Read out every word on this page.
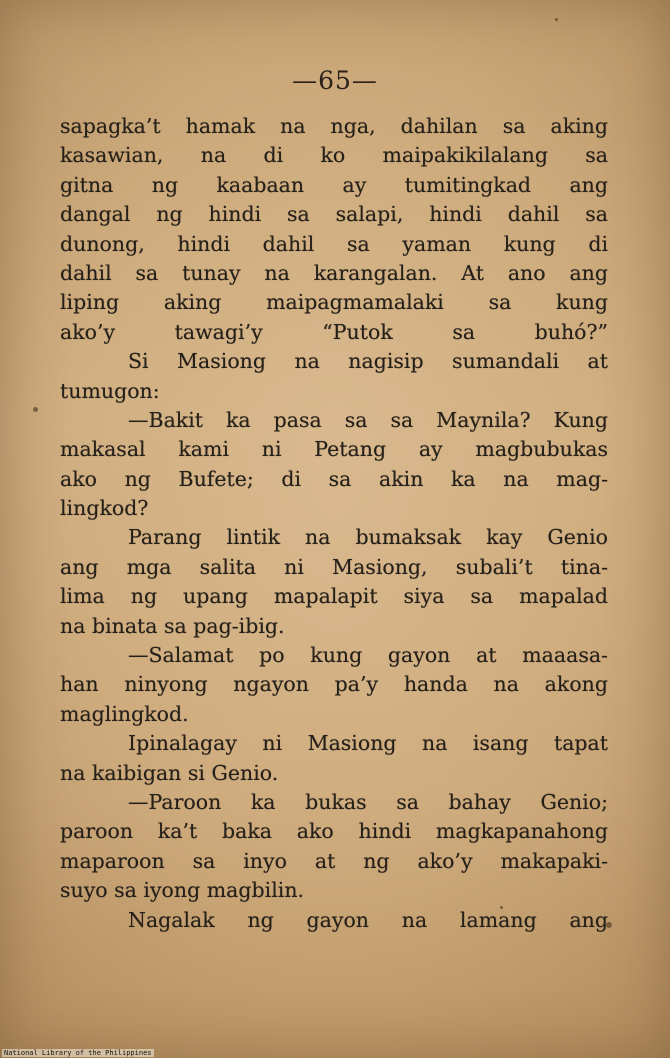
—65—
sapagka’t hamak na nga, dahilan sa aking
kasawian, na di ko maipakikilalang sa
gitna ng kaabaan ay tumitingkad ang
dangal ng hindi sa salapi, hindi dahil sa
dunong, hindi dahil sa yaman kung di
dahil sa tunay na karangalan. At ano ang
liping aking maipagmamalaki sa kung
ako’y tawagi’y “Putok sa buhó?”
Si Masiong na nagisip sumandali at
tumugon:
—Bakit ka pasa sa sa Maynila? Kung
makasal kami ni Petang ay magbubukas
ako ng Bufete; di sa akin ka na mag-
lingkod?
Parang lintik na bumaksak kay Genio
ang mga salita ni Masiong, subali’t tina-
lima ng upang mapalapit siya sa mapalad
na binata sa pag-ibig.
—Salamat po kung gayon at maaasa-
han ninyong ngayon pa’y handa na akong
maglingkod.
Ipinalagay ni Masiong na isang tapat
na kaibigan si Genio.
—Paroon ka bukas sa bahay Genio;
paroon ka’t baka ako hindi magkapanahong
maparoon sa inyo at ng ako’y makapaki-
suyo sa iyong magbilin.
Nagalak ng gayon na lamang ang
National Library of the Philippines
